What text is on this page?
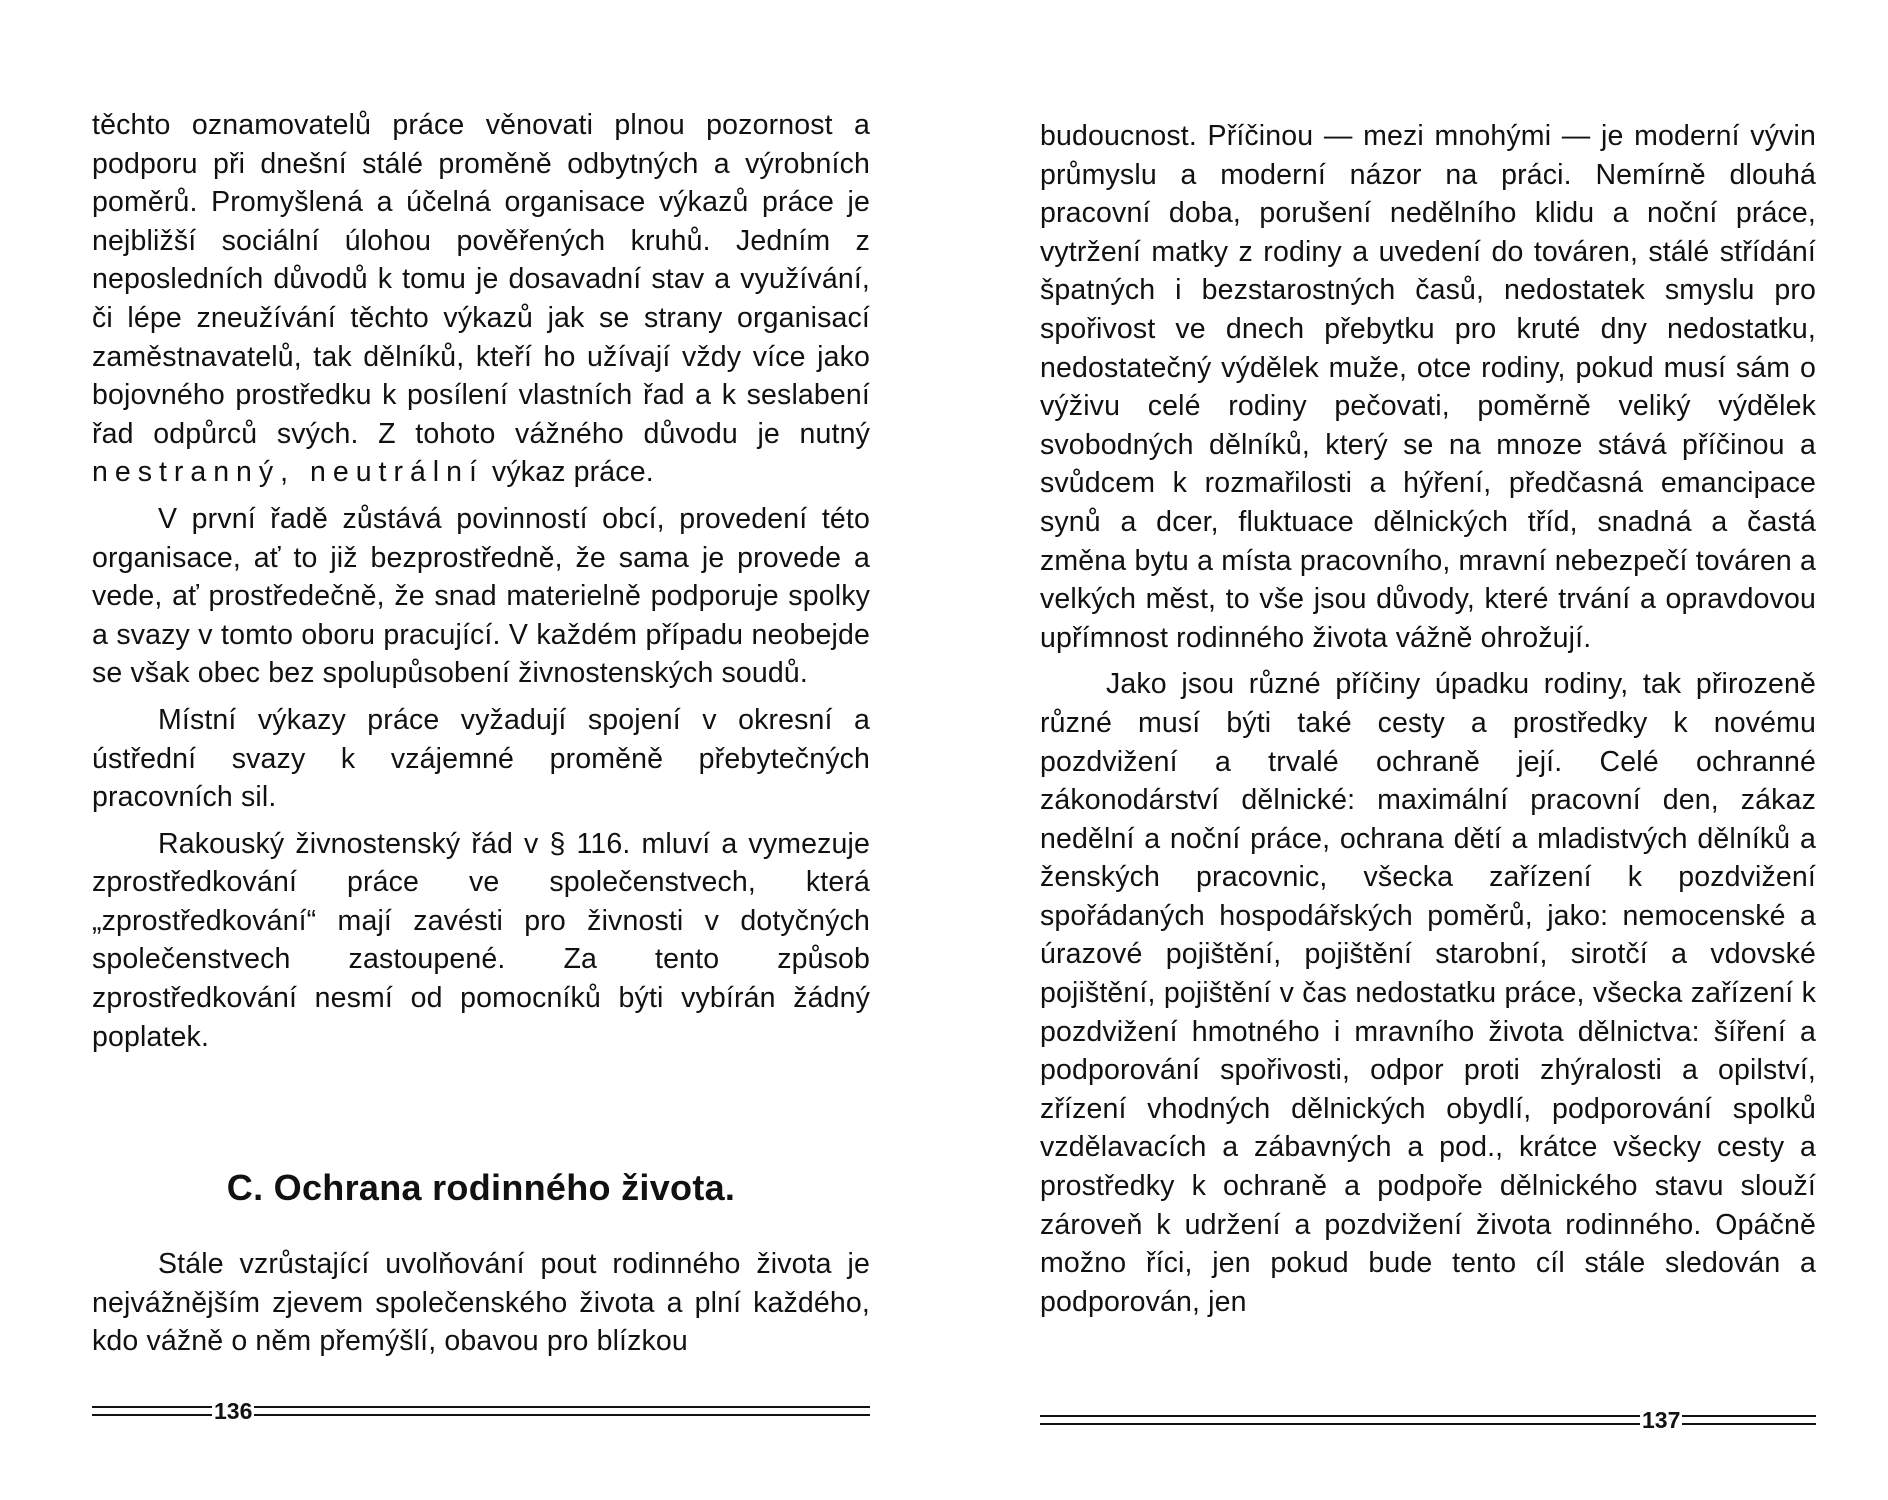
těchto oznamovatelů práce věnovati plnou pozornost a podporu při dnešní stálé proměně odbytných a výrobních poměrů. Promyšlená a účelná organisace výkazů práce je nejbližší sociální úlohou pověřených kruhů. Jedním z neposledních důvodů k tomu je dosavadní stav a využívání, či lépe zneužívání těchto výkazů jak se strany organisací zaměstnavatelů, tak dělníků, kteří ho užívají vždy více jako bojovného prostředku k posílení vlastních řad a k seslabení řad odpůrců svých. Z tohoto vážného důvodu je nutný nestranný, neutrální výkaz práce.

V první řadě zůstává povinností obcí, provedení této organisace, ať to již bezprostředně, že sama je provede a vede, ať prostředečně, že snad materielně podporuje spolky a svazy v tomto oboru pracující. V každém případu neobejde se však obec bez spolupůsobení živnostenských soudů.

Místní výkazy práce vyžadují spojení v okresní a ústřední svazy k vzájemné proměně přebytečných pracovních sil.

Rakouský živnostenský řád v § 116. mluví a vymezuje zprostředkování práce ve společenstvech, která „zprostředkování“ mají zavésti pro živnosti v dotyčných společenstvech zastoupené. Za tento způsob zprostředkování nesmí od pomocníků býti vybírán žádný poplatek.

C. Ochrana rodinného života.

Stále vzrůstající uvolňování pout rodinného života je nejvážnějším zjevem společenského života a plní každého, kdo vážně o něm přemýšlí, obavou pro blízkou

136

budoucnost. Příčinou — mezi mnohými — je moderní vývin průmyslu a moderní názor na práci. Nemírně dlouhá pracovní doba, porušení nedělního klidu a noční práce, vytržení matky z rodiny a uvedení do továren, stálé střídání špatných i bezstarostných časů, nedostatek smyslu pro spořivost ve dnech přebytku pro kruté dny nedostatku, nedostatečný výdělek muže, otce rodiny, pokud musí sám o výživu celé rodiny pečovati, poměrně veliký výdělek svobodných dělníků, který se na mnoze stává příčinou a svůdcem k rozmařilosti a hýření, předčasná emancipace synů a dcer, fluktuace dělnických tříd, snadná a častá změna bytu a místa pracovního, mravní nebezpečí továren a velkých měst, to vše jsou důvody, které trvání a opravdovou upřímnost rodinného života vážně ohrožují.

Jako jsou různé příčiny úpadku rodiny, tak přirozeně různé musí býti také cesty a prostředky k novému pozdvižení a trvalé ochraně její. Celé ochranné zákonodárství dělnické: maximální pracovní den, zákaz nedělní a noční práce, ochrana dětí a mladistvých dělníků a ženských pracovnic, všecka zařízení k pozdvižení spořádaných hospodářských poměrů, jako: nemocenské a úrazové pojištění, pojištění starobní, sirotčí a vdovské pojištění, pojištění v čas nedostatku práce, všecka zařízení k pozdvižení hmotného i mravního života dělnictva: šíření a podporování spořivosti, odpor proti zhýralosti a opilství, zřízení vhodných dělnických obydlí, podporování spolků vzdělavacích a zábavných a pod., krátce všecky cesty a prostředky k ochraně a podpoře dělnického stavu slouží zároveň k udržení a pozdvižení života rodinného. Opáčně možno říci, jen pokud bude tento cíl stále sledován a podporován, jen

137
